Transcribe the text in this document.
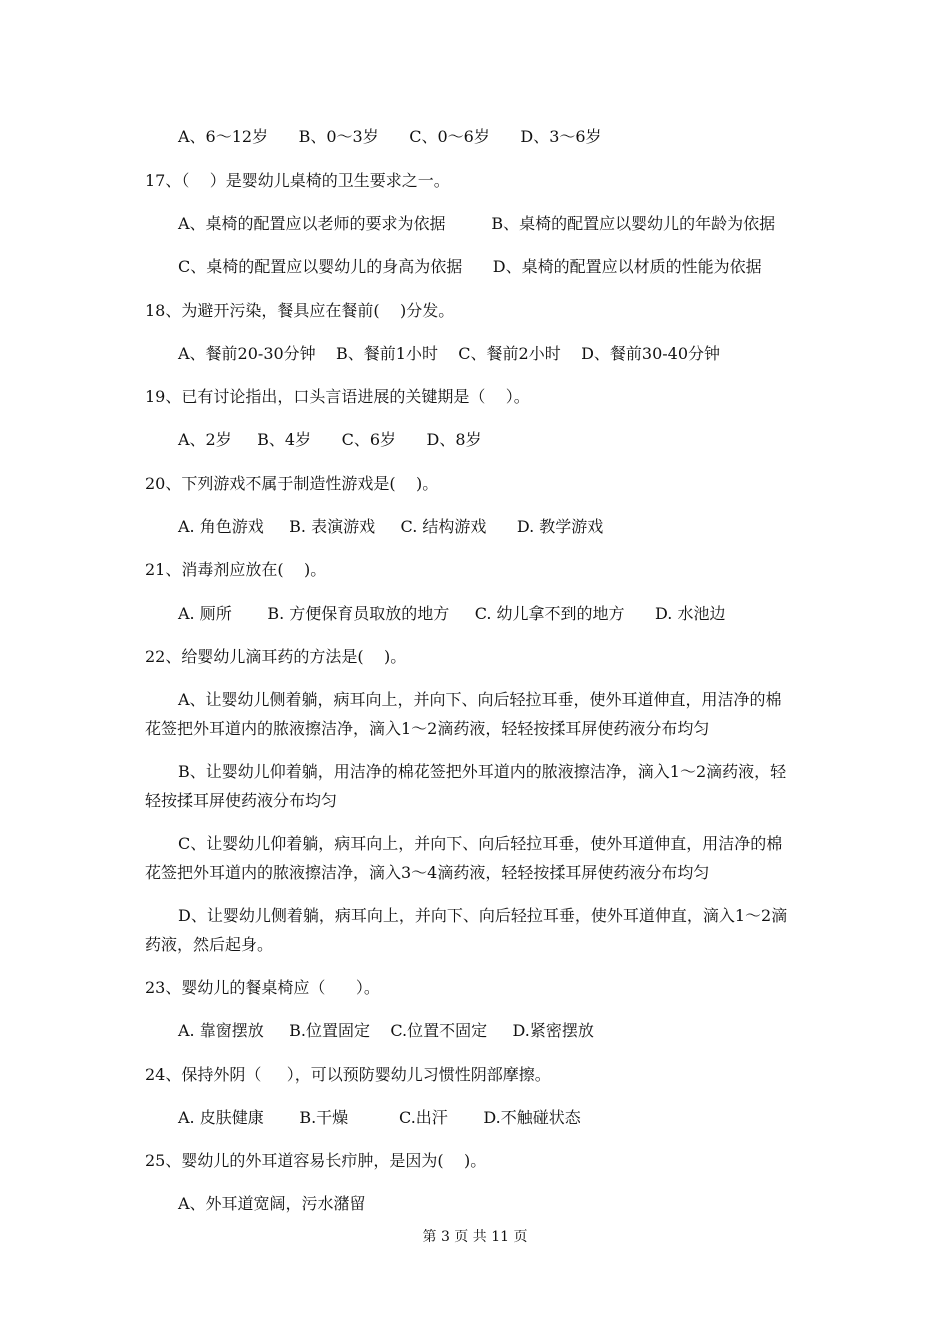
A、6～12岁      B、0～3岁      C、0～6岁      D、3～6岁
17、（    ）是婴幼儿桌椅的卫生要求之一。
A、桌椅的配置应以老师的要求为依据         B、桌椅的配置应以婴幼儿的年龄为依据
C、桌椅的配置应以婴幼儿的身高为依据      D、桌椅的配置应以材质的性能为依据
18、为避开污染，餐具应在餐前(    )分发。
A、餐前20-30分钟    B、餐前1小时    C、餐前2小时    D、餐前30-40分钟
19、已有讨论指出，口头言语进展的关键期是（    ）。
A、2岁     B、4岁      C、6岁      D、8岁
20、下列游戏不属于制造性游戏是(    )。
A. 角色游戏     B. 表演游戏     C. 结构游戏      D. 教学游戏
21、消毒剂应放在(    )。
A. 厕所       B. 方便保育员取放的地方     C. 幼儿拿不到的地方      D. 水池边
22、给婴幼儿滴耳药的方法是(    )。
A、让婴幼儿侧着躺，病耳向上，并向下、向后轻拉耳垂，使外耳道伸直，用洁净的棉
花签把外耳道内的脓液擦洁净，滴入1～2滴药液，轻轻按揉耳屏使药液分布均匀
B、让婴幼儿仰着躺，用洁净的棉花签把外耳道内的脓液擦洁净，滴入1～2滴药液，轻
轻按揉耳屏使药液分布均匀
C、让婴幼儿仰着躺，病耳向上，并向下、向后轻拉耳垂，使外耳道伸直，用洁净的棉
花签把外耳道内的脓液擦洁净，滴入3～4滴药液，轻轻按揉耳屏使药液分布均匀
D、让婴幼儿侧着躺，病耳向上，并向下、向后轻拉耳垂，使外耳道伸直，滴入1～2滴
药液，然后起身。
23、婴幼儿的餐桌椅应（      ）。
A. 靠窗摆放     B.位置固定    C.位置不固定     D.紧密摆放
24、保持外阴（     ），可以预防婴幼儿习惯性阴部摩擦。
A. 皮肤健康       B.干燥          C.出汗       D.不触碰状态
25、婴幼儿的外耳道容易长疖肿，是因为(    )。
A、外耳道宽阔，污水潴留
第 3 页 共 11 页
